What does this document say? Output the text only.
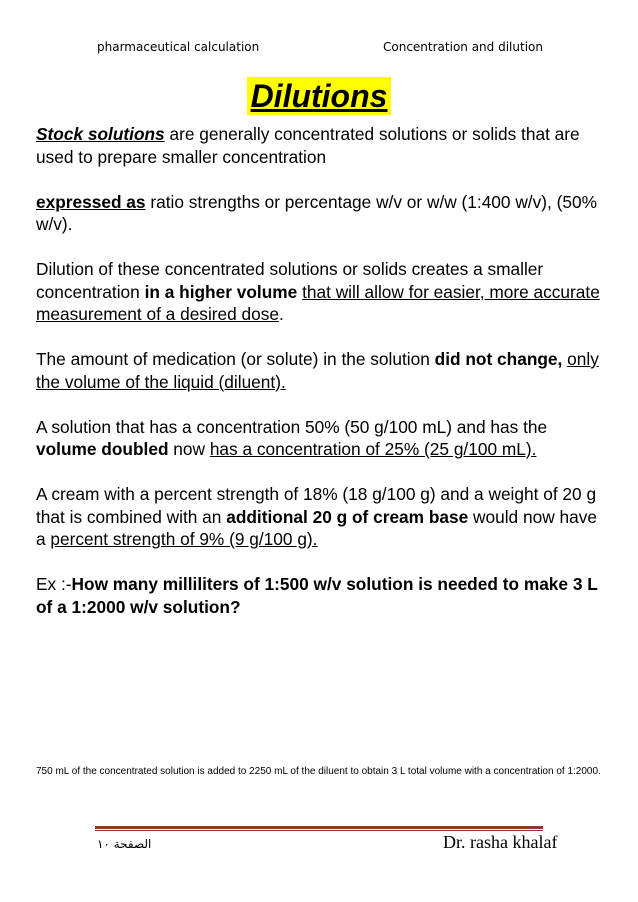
pharmaceutical calculation	Concentration and dilution
Dilutions

Stock solutions are generally concentrated solutions or solids that are used to prepare smaller concentration

expressed as ratio strengths or percentage w/v or w/w (1:400 w/v), (50% w/v).

Dilution of these concentrated solutions or solids creates a smaller concentration in a higher volume that will allow for easier, more accurate measurement of a desired dose.

The amount of medication (or solute) in the solution did not change, only the volume of the liquid (diluent).

A solution that has a concentration 50% (50 g/100 mL) and has the volume doubled now has a concentration of 25% (25 g/100 mL).

A cream with a percent strength of 18% (18 g/100 g) and a weight of 20 g that is combined with an additional 20 g of cream base would now have a percent strength of 9% (9 g/100 g).

Ex :-How many milliliters of 1:500 w/v solution is needed to make 3 L of a 1:2000 w/v solution?

750 mL of the concentrated solution is added to 2250 mL of the diluent to obtain 3 L total volume with a concentration of 1:2000.
الصفحة ١٠	Dr. rasha khalaf
